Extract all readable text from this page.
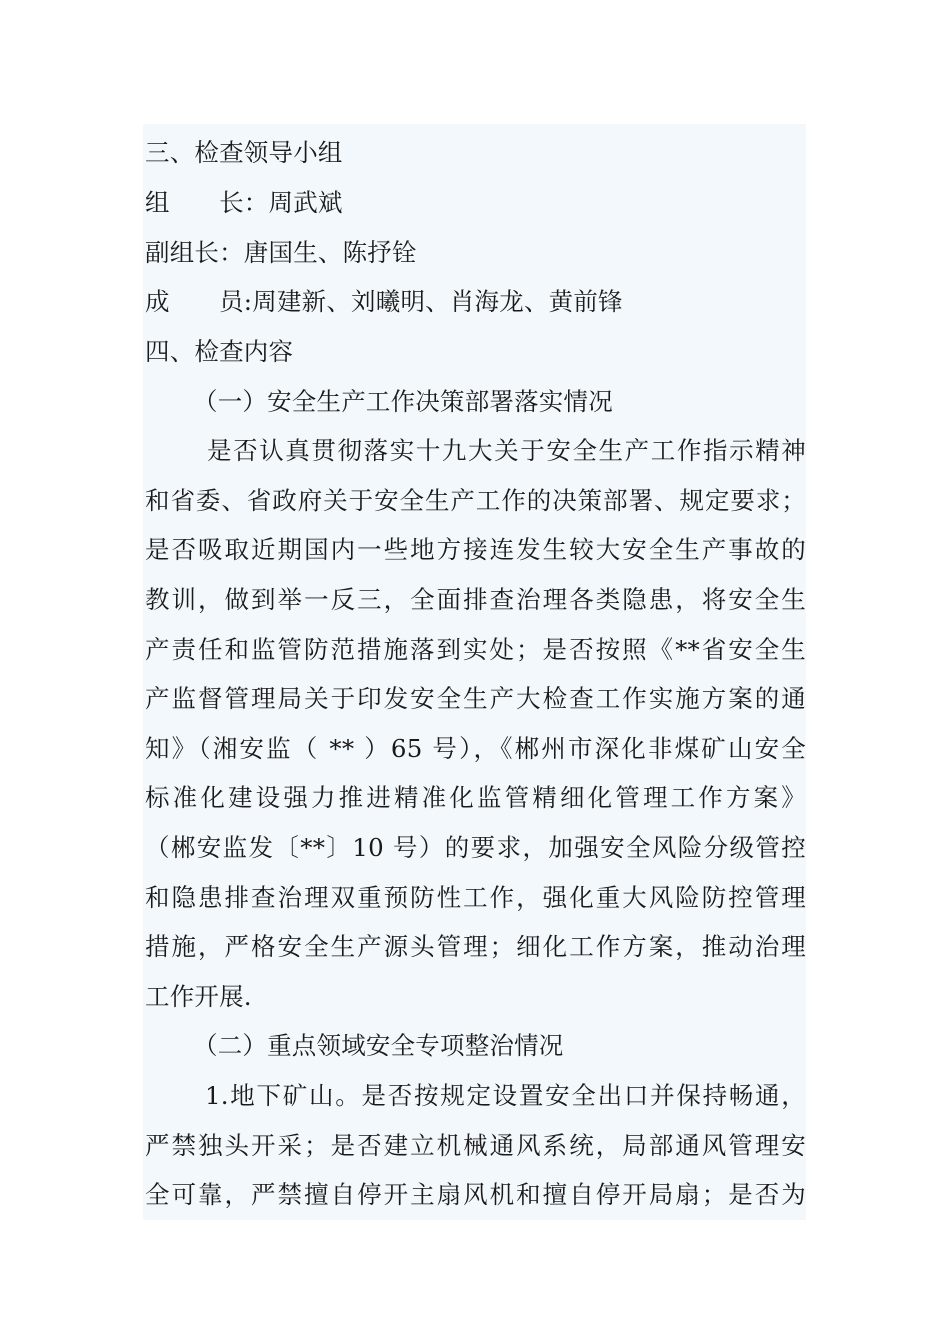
三、检查领导小组
组　　长：周武斌
副组长：唐国生、陈抒铨
成　　员:周建新、刘曦明、肖海龙、黄前锋
四、检查内容
（一）安全生产工作决策部署落实情况
是否认真贯彻落实十九大关于安全生产工作指示精神
和省委、省政府关于安全生产工作的决策部署、规定要求；
是否吸取近期国内一些地方接连发生较大安全生产事故的
教训，做到举一反三，全面排查治理各类隐患，将安全生
产责任和监管防范措施落到实处；是否按照《**省安全生
产监督管理局关于印发安全生产大检查工作实施方案的通
知》（湘安监（ ** ）65 号），《郴州市深化非煤矿山安全
标准化建设强力推进精准化监管精细化管理工作方案》
（郴安监发〔**〕10 号）的要求，加强安全风险分级管控
和隐患排查治理双重预防性工作，强化重大风险防控管理
措施，严格安全生产源头管理；细化工作方案，推动治理
工作开展.
（二）重点领域安全专项整治情况
1.地下矿山。是否按规定设置安全出口并保持畅通，
严禁独头开采；是否建立机械通风系统，局部通风管理安
全可靠，严禁擅自停开主扇风机和擅自停开局扇；是否为
